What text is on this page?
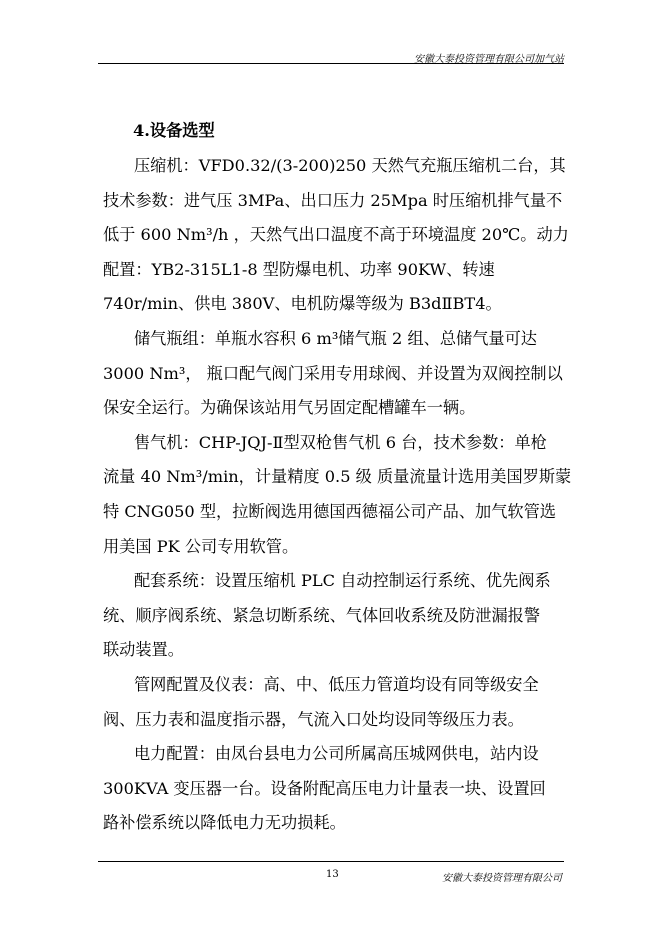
安徽大泰投资管理有限公司加气站
4.设备选型

压缩机：VFD0.32/(3-200)250 天然气充瓶压缩机二台，其
技术参数：进气压 3MPa、出口压力 25Mpa 时压缩机排气量不
低于 600 Nm³/h ，天然气出口温度不高于环境温度 20℃。动力
配置：YB2-315L1-8 型防爆电机、功率 90KW、转速
740r/min、供电 380V、电机防爆等级为 B3dⅡBT4。

储气瓶组：单瓶水容积 6 m³储气瓶 2 组、总储气量可达
3000 Nm³， 瓶口配气阀门采用专用球阀、并设置为双阀控制以
保安全运行。为确保该站用气另固定配槽罐车一辆。

售气机：CHP-JQJ-Ⅱ型双枪售气机 6 台，技术参数：单枪
流量 40 Nm³/min，计量精度 0.5 级 质量流量计选用美国罗斯蒙
特 CNG050 型，拉断阀选用德国西德福公司产品、加气软管选
用美国 PK 公司专用软管。

配套系统：设置压缩机 PLC 自动控制运行系统、优先阀系
统、顺序阀系统、紧急切断系统、气体回收系统及防泄漏报警
联动装置。

管网配置及仪表：高、中、低压力管道均设有同等级安全
阀、压力表和温度指示器，气流入口处均设同等级压力表。

电力配置：由凤台县电力公司所属高压城网供电，站内设
300KVA 变压器一台。设备附配高压电力计量表一块、设置回
路补偿系统以降低电力无功损耗。

13	安徽大泰投资管理有限公司
